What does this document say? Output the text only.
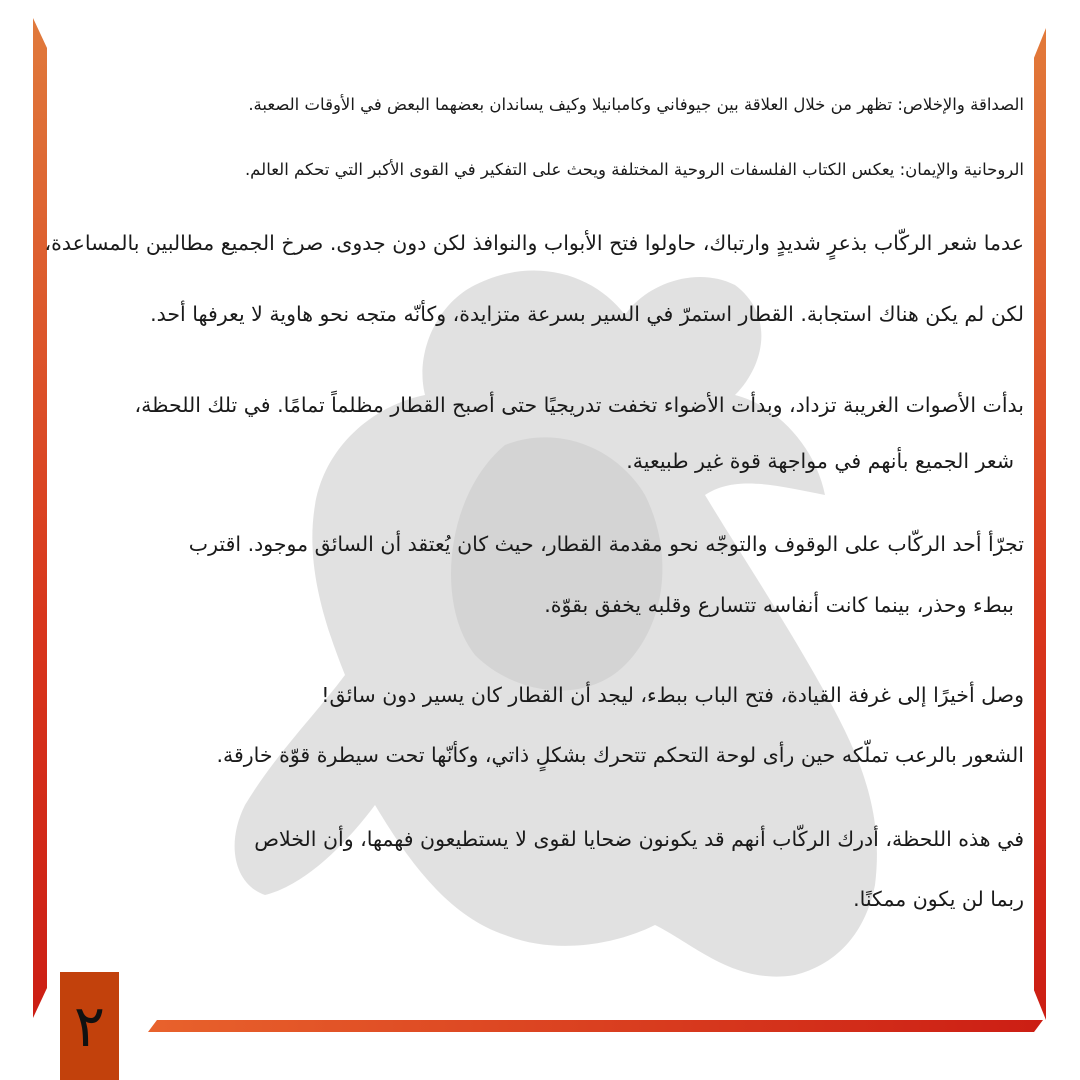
الصداقة والإخلاص: تظهر من خلال العلاقة بين جيوفاني وكامبانيلا وكيف يساندان بعضهما البعض في الأوقات الصعبة.
الروحانية والإيمان: يعكس الكتاب الفلسفات الروحية المختلفة ويحث على التفكير في القوى الأكبر التي تحكم العالم.
عدما شعر الركّاب بذعرٍ شديدٍ وارتباك، حاولوا فتح الأبواب والنوافذ لكن دون جدوى. صرخ الجميع مطالبين بالمساعدة،
لكن لم يكن هناك استجابة. القطار استمرّ في السير بسرعة متزايدة، وكأنّه متجه نحو هاوية لا يعرفها أحد.
بدأت الأصوات الغريبة تزداد، وبدأت الأضواء تخفت تدريجيًا حتى أصبح القطار مظلماً تمامًا. في تلك اللحظة،
شعر الجميع بأنهم في مواجهة قوة غير طبيعية.
تجرّأ أحد الركّاب على الوقوف والتوجّه نحو مقدمة القطار، حيث كان يُعتقد أن السائق موجود. اقترب
ببطء وحذر، بينما كانت أنفاسه تتسارع وقلبه يخفق بقوّة.
وصل أخيرًا إلى غرفة القيادة، فتح الباب ببطء، ليجد أن القطار كان يسير دون سائق!
الشعور بالرعب تملّكه حين رأى لوحة التحكم تتحرك بشكلٍ ذاتي، وكأنّها تحت سيطرة قوّة خارقة.
في هذه اللحظة، أدرك الركّاب أنهم قد يكونون ضحايا لقوى لا يستطيعون فهمها، وأن الخلاص
ربما لن يكون ممكنًا.
٢
